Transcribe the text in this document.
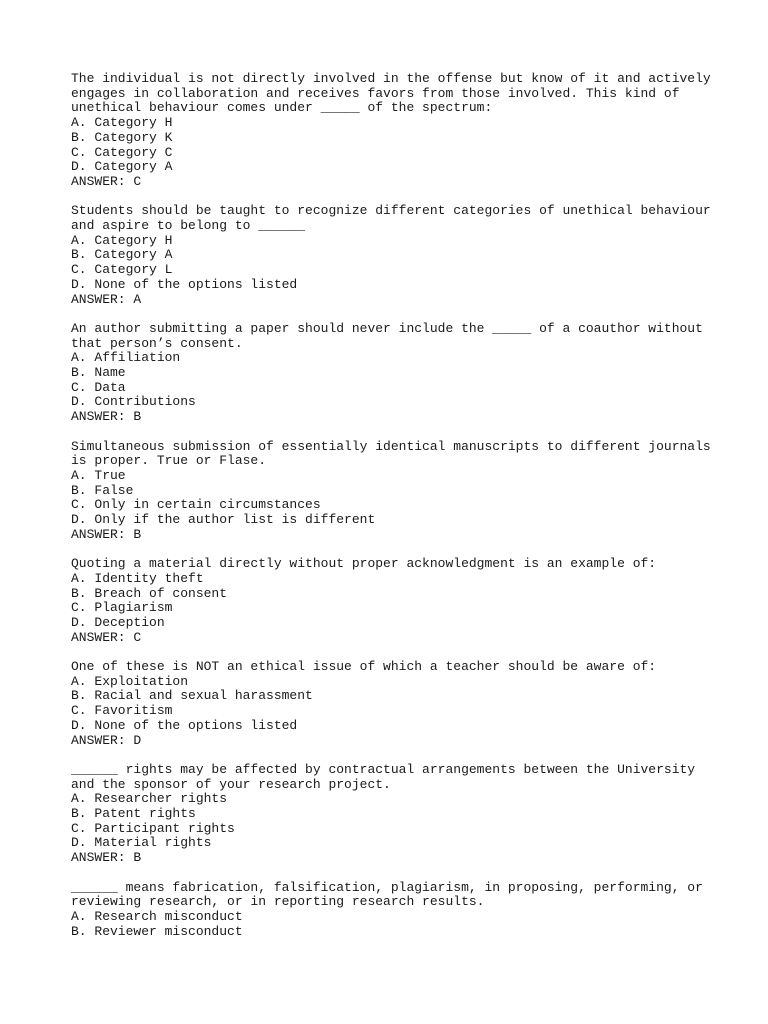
The individual is not directly involved in the offense but know of it and actively
engages in collaboration and receives favors from those involved. This kind of
unethical behaviour comes under _____ of the spectrum:
A. Category H
B. Category K
C. Category C
D. Category A
ANSWER: C
Students should be taught to recognize different categories of unethical behaviour
and aspire to belong to ______
A. Category H
B. Category A
C. Category L
D. None of the options listed
ANSWER: A
An author submitting a paper should never include the _____ of a coauthor without
that person’s consent.
A. Affiliation
B. Name
C. Data
D. Contributions
ANSWER: B
Simultaneous submission of essentially identical manuscripts to different journals
is proper. True or Flase.
A. True
B. False
C. Only in certain circumstances
D. Only if the author list is different
ANSWER: B
Quoting a material directly without proper acknowledgment is an example of:
A. Identity theft
B. Breach of consent
C. Plagiarism
D. Deception
ANSWER: C
One of these is NOT an ethical issue of which a teacher should be aware of:
A. Exploitation
B. Racial and sexual harassment
C. Favoritism
D. None of the options listed
ANSWER: D
______ rights may be affected by contractual arrangements between the University
and the sponsor of your research project.
A. Researcher rights
B. Patent rights
C. Participant rights
D. Material rights
ANSWER: B
______ means fabrication, falsification, plagiarism, in proposing, performing, or
reviewing research, or in reporting research results.
A. Research misconduct
B. Reviewer misconduct
